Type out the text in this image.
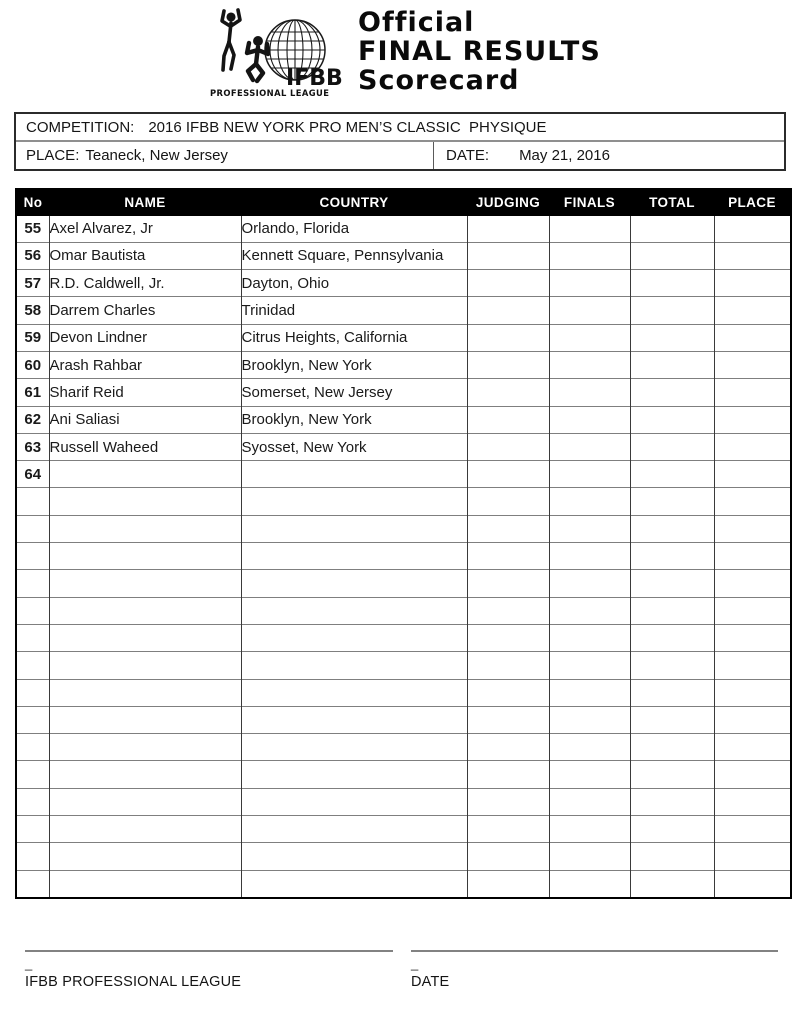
IFBB
PROFESSIONAL LEAGUE
Official
FINAL RESULTS
Scorecard
COMPETITION: 2016 IFBB NEW YORK PRO MEN’S CLASSIC  PHYSIQUE
PLACE: Teaneck, New Jersey	DATE: May 21, 2016
No	NAME	COUNTRY	JUDGING	FINALS	TOTAL	PLACE
55	Axel Alvarez, Jr	Orlando, Florida				
56	Omar Bautista	Kennett Square, Pennsylvania				
57	R.D. Caldwell, Jr.	Dayton, Ohio				
58	Darrem Charles	Trinidad				
59	Devon Lindner	Citrus Heights, California				
60	Arash Rahbar	Brooklyn, New York				
61	Sharif Reid	Somerset, New Jersey				
62	Ani Saliasi	Brooklyn, New York				
63	Russell Waheed	Syosset, New York				
64						

_	_
IFBB PROFESSIONAL LEAGUE	DATE
